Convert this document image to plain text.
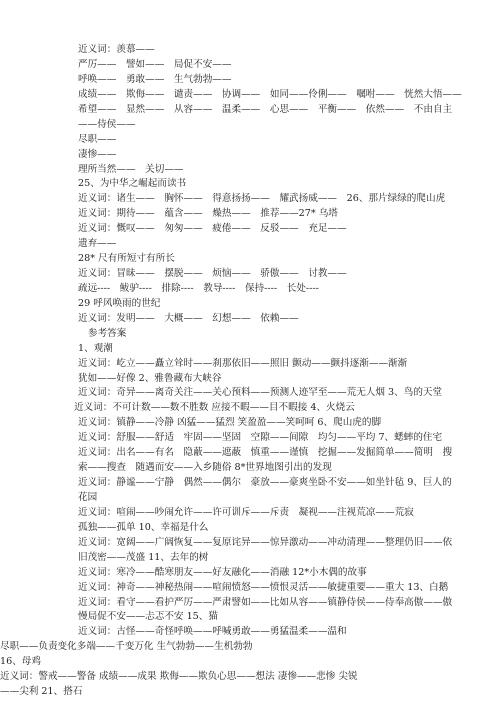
近义词：羡慕——
严厉——　譬如——　局促不安——
呼唤——　勇敢——　生气勃勃——
成绩——　欺侮——　谴责——　协调——　如同——伶俐——　嘱咐——　恍然大悟——
希望——　显然——　从容——　温柔——　心思——　平衡——　依然——　不由自主
——侍侯——
尽职——
凄惨——
理所当然——　关切——
25、为中华之崛起而读书
近义词：诸生——　胸怀——　得意扬扬——　耀武扬威——　26、那片绿绿的爬山虎
近义词：期待——　蕴含——　燥热——　推荐——27* 乌塔
近义词：慨叹——　匆匆——　疲倦——　反驳——　充足——
遗弃——
28* 尺有所短寸有所长
近义词：冒昧——　摆脱——　烦恼——　骄傲——　讨教——
疏远----　鲅驴----　排除----　教导----　保持----　长处----
29 呼风唤雨的世纪
近义词：发明——　大概——　幻想——　依赖——
参考答案
1、观潮
近义词：屹立——矗立耸时——刹那依旧——照旧 颤动——颤抖逐渐——渐渐
犹如——好像 2、雅鲁藏布大峡谷
近义词：奇异——离奇关注——关心预料——预测人迹罕至——荒无人烟 3、鸟的天堂
近义词：不可计数——数不胜数 应接不暇——目不暇接 4、火烧云
近义词：镇静——冷静 凶猛——猛烈 笑盈盈——笑呵呵 6、爬山虎的脚
近义词：舒服——舒适　牢固——坚固　空隙——间隙　均匀——平均 7、蟋蟀的住宅
近义词：出名——有名　隐蔽——遮蔽　慎重——谨慎　挖掘——发掘简单——简明　搜
索——搜查　随遇而安——入乡随俗 8*世界地图引出的发现
近义词：静谧——宁静　偶然——偶尔　豪放——豪爽坐卧不安——如坐针毡 9、巨人的
花园
近义词：喧闹——吵闹允许——许可训斥——斥责　凝视——注视荒凉——荒寂
孤独——孤单 10、幸福是什么
近义词：宽阔——广阔恢复——复原诧异——惊异激动——冲动清理——整理仍旧——依
旧茂密——茂盛 11、去年的树
近义词：寒冷——酷寒朋友——好友融化——消融 12*小木偶的故事
近义词：神奇——神秘热闹——喧闹愤怒——愤恨灵活——敏捷重要——重大 13、白鹅
近义词：看守——看护严厉——严肃譬如——比如从容——镇静侍侯——侍奉高傲——傲
慢局促不安——忐忑不安 15、猫
近义词：古怪——奇怪呼唤——呼喊勇敢——勇猛温柔——温和
尽职——负责变化多端——千变万化 生气勃勃——生机勃勃
16、母鸡
近义词：警戒——警备 成绩——成果 欺侮——欺负心思——想法 凄惨——悲惨 尖锐
——尖利 21、搭石
